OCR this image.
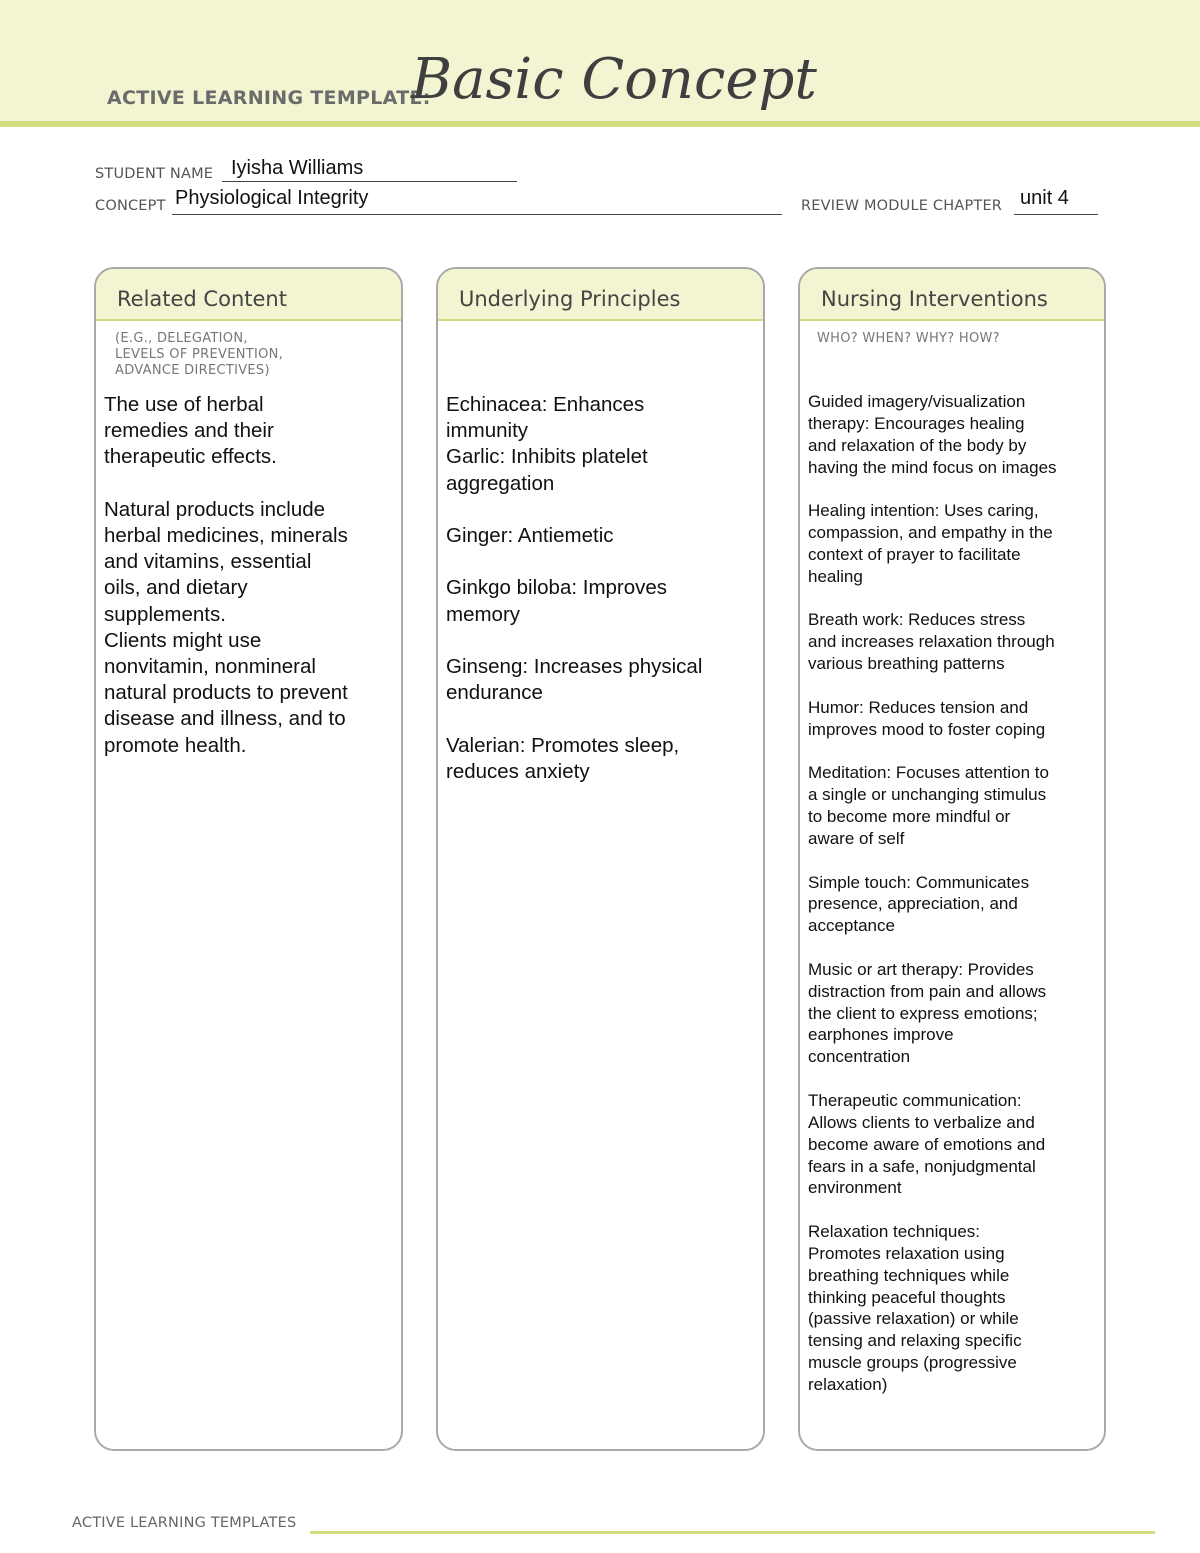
ACTIVE LEARNING TEMPLATE:
Basic Concept
STUDENT NAME Iyisha Williams
CONCEPT Physiological Integrity	REVIEW MODULE CHAPTER unit 4
Related Content
(E.G., DELEGATION,
LEVELS OF PREVENTION,
ADVANCE DIRECTIVES)
The use of herbal
remedies and their
therapeutic effects.

Natural products include
herbal medicines, minerals
and vitamins, essential
oils, and dietary
supplements.
Clients might use
nonvitamin, nonmineral
natural products to prevent
disease and illness, and to
promote health.
Underlying Principles
Echinacea: Enhances
immunity
Garlic: Inhibits platelet
aggregation

Ginger: Antiemetic

Ginkgo biloba: Improves
memory

Ginseng: Increases physical
endurance

Valerian: Promotes sleep,
reduces anxiety
Nursing Interventions
WHO? WHEN? WHY? HOW?
Guided imagery/visualization
therapy: Encourages healing
and relaxation of the body by
having the mind focus on images

Healing intention: Uses caring,
compassion, and empathy in the
context of prayer to facilitate
healing

Breath work: Reduces stress
and increases relaxation through
various breathing patterns

Humor: Reduces tension and
improves mood to foster coping

Meditation: Focuses attention to
a single or unchanging stimulus
to become more mindful or
aware of self

Simple touch: Communicates
presence, appreciation, and
acceptance

Music or art therapy: Provides
distraction from pain and allows
the client to express emotions;
earphones improve
concentration

Therapeutic communication:
Allows clients to verbalize and
become aware of emotions and
fears in a safe, nonjudgmental
environment

Relaxation techniques:
Promotes relaxation using
breathing techniques while
thinking peaceful thoughts
(passive relaxation) or while
tensing and relaxing specific
muscle groups (progressive
relaxation)
ACTIVE LEARNING TEMPLATES
